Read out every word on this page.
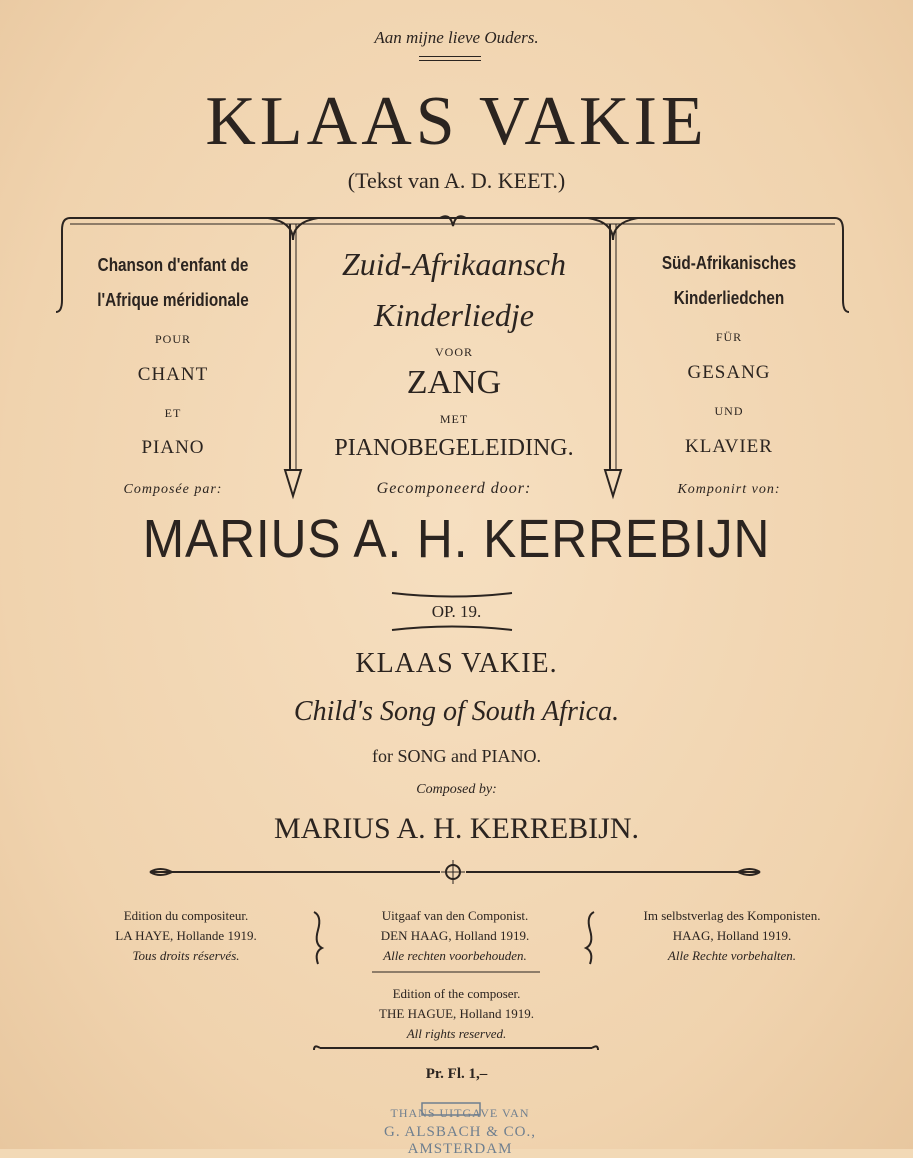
Aan mijne lieve Ouders.
KLAAS VAKIE
(Tekst van A. D. KEET.)
Chanson d'enfant de
l'Afrique méridionale
POUR
CHANT
ET
PIANO
Composée par:
Zuid-Afrikaansch
Kinderliedje
VOOR
ZANG
MET
PIANOBEGELEIDING.
Gecomponeerd door:
Süd-Afrikanisches
Kinderliedchen
FÜR
GESANG
UND
KLAVIER
Komponirt von:
MARIUS A. H. KERREBIJN
OP. 19.
KLAAS VAKIE.
Child's Song of South Africa.
for SONG and PIANO.
Composed by:
MARIUS A. H. KERREBIJN.
Edition du compositeur.
LA HAYE, Hollande 1919.
Tous droits réservés.
Uitgaaf van den Componist.
DEN HAAG, Holland 1919.
Alle rechten voorbehouden.
Im selbstverlag des Komponisten.
HAAG, Holland 1919.
Alle Rechte vorbehalten.
Edition of the composer.
THE HAGUE, Holland 1919.
All rights reserved.
Pr. Fl. 1,–
THANS UITGAVE VAN
G. ALSBACH & CO., AMSTERDAM
